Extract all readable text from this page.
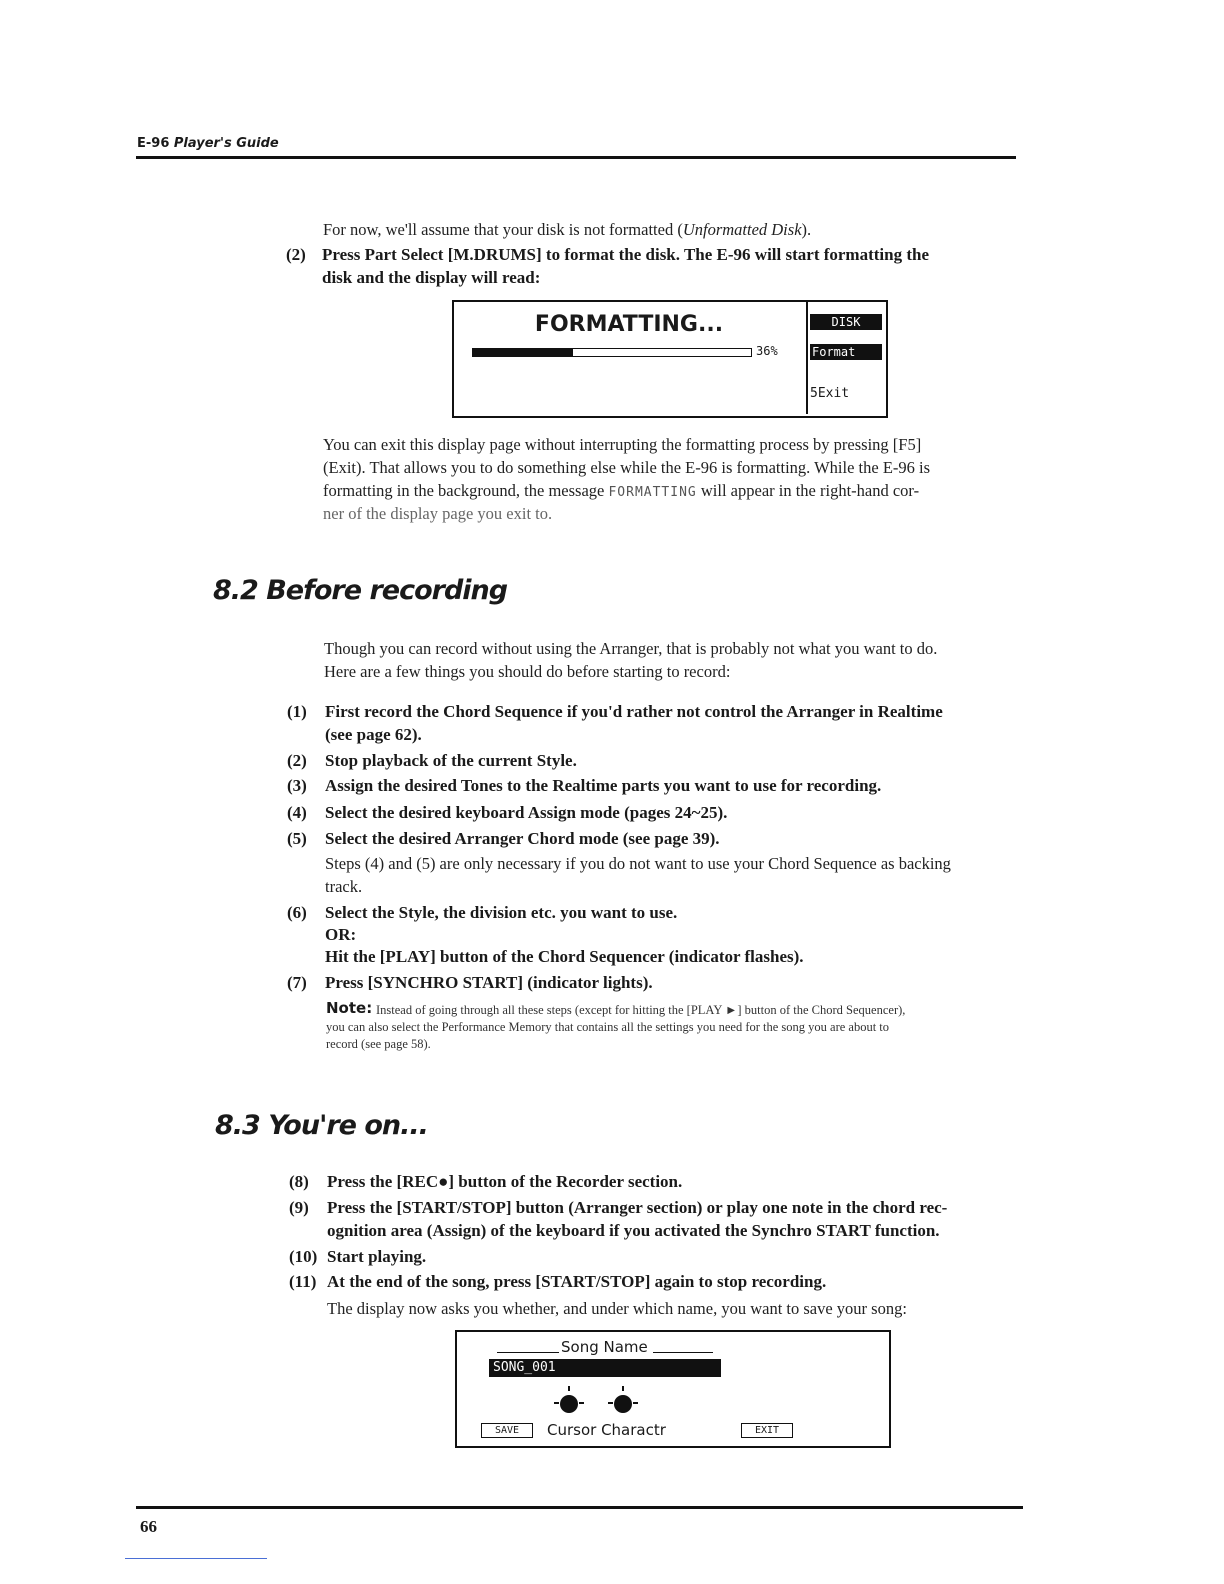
E-96 Player's Guide
For now, we'll assume that your disk is not formatted (Unformatted Disk).
(2) Press Part Select [M.DRUMS] to format the disk. The E-96 will start formatting the
disk and the display will read:
FORMATTING...
36%
DISK
Format
5Exit
You can exit this display page without interrupting the formatting process by pressing [F5]
(Exit). That allows you to do something else while the E-96 is formatting. While the E-96 is
formatting in the background, the message FORMATTING will appear in the right-hand cor-
ner of the display page you exit to.
8.2 Before recording
Though you can record without using the Arranger, that is probably not what you want to do.
Here are a few things you should do before starting to record:
(1) First record the Chord Sequence if you'd rather not control the Arranger in Realtime
(see page 62).
(2) Stop playback of the current Style.
(3) Assign the desired Tones to the Realtime parts you want to use for recording.
(4) Select the desired keyboard Assign mode (pages 24~25).
(5) Select the desired Arranger Chord mode (see page 39).
Steps (4) and (5) are only necessary if you do not want to use your Chord Sequence as backing
track.
(6) Select the Style, the division etc. you want to use.
OR:
Hit the [PLAY] button of the Chord Sequencer (indicator flashes).
(7) Press [SYNCHRO START] (indicator lights).
Note: Instead of going through all these steps (except for hitting the [PLAY ►] button of the Chord Sequencer),
you can also select the Performance Memory that contains all the settings you need for the song you are about to
record (see page 58).
8.3 You're on...
(8) Press the [REC●] button of the Recorder section.
(9) Press the [START/STOP] button (Arranger section) or play one note in the chord rec-
ognition area (Assign) of the keyboard if you activated the Synchro START function.
(10) Start playing.
(11) At the end of the song, press [START/STOP] again to stop recording.
The display now asks you whether, and under which name, you want to save your song:
Song Name
SONG_001
SAVE	Cursor Charactr	EXIT
66
